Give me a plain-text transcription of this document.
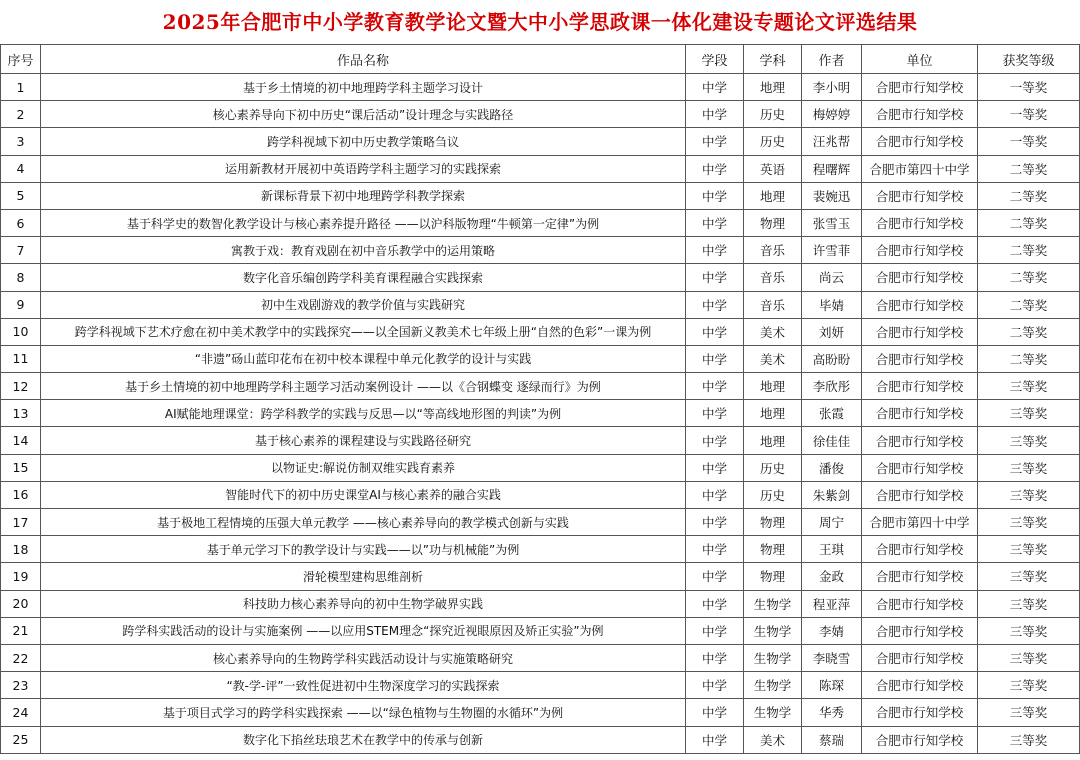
2025年合肥市中小学教育教学论文暨大中小学思政课一体化建设专题论文评选结果
序号	作品名称	学段	学科	作者	单位	获奖等级
1	基于乡土情境的初中地理跨学科主题学习设计	中学	地理	李小明	合肥市行知学校	一等奖
2	核心素养导向下初中历史“课后活动”设计理念与实践路径	中学	历史	梅婷婷	合肥市行知学校	一等奖
3	跨学科视域下初中历史教学策略刍议	中学	历史	汪兆帮	合肥市行知学校	一等奖
4	运用新教材开展初中英语跨学科主题学习的实践探索	中学	英语	程曙辉	合肥市第四十中学	二等奖
5	新课标背景下初中地理跨学科教学探索	中学	地理	裴婉迅	合肥市行知学校	二等奖
6	基于科学史的数智化教学设计与核心素养提升路径 ——以沪科版物理“牛顿第一定律”为例	中学	物理	张雪玉	合肥市行知学校	二等奖
7	寓教于戏：教育戏剧在初中音乐教学中的运用策略	中学	音乐	许雪菲	合肥市行知学校	二等奖
8	数字化音乐编创跨学科美育课程融合实践探索	中学	音乐	尚云	合肥市行知学校	二等奖
9	初中生戏剧游戏的教学价值与实践研究	中学	音乐	毕婧	合肥市行知学校	二等奖
10	跨学科视域下艺术疗愈在初中美术教学中的实践探究——以全国新义教美术七年级上册“自然的色彩”一课为例	中学	美术	刘妍	合肥市行知学校	二等奖
11	“非遗”砀山蓝印花布在初中校本课程中单元化教学的设计与实践	中学	美术	高盼盼	合肥市行知学校	二等奖
12	基于乡土情境的初中地理跨学科主题学习活动案例设计 ——以《合钢蝶变 逐绿而行》为例	中学	地理	李欣彤	合肥市行知学校	三等奖
13	AI赋能地理课堂：跨学科教学的实践与反思—以“等高线地形图的判读”为例	中学	地理	张霞	合肥市行知学校	三等奖
14	基于核心素养的课程建设与实践路径研究	中学	地理	徐佳佳	合肥市行知学校	三等奖
15	以物证史:解说仿制双维实践育素养	中学	历史	潘俊	合肥市行知学校	三等奖
16	智能时代下的初中历史课堂AI与核心素养的融合实践	中学	历史	朱紫剑	合肥市行知学校	三等奖
17	基于极地工程情境的压强大单元教学 ——核心素养导向的教学模式创新与实践	中学	物理	周宁	合肥市第四十中学	三等奖
18	基于单元学习下的教学设计与实践——以”功与机械能”为例	中学	物理	王琪	合肥市行知学校	三等奖
19	滑轮模型建构思维剖析	中学	物理	金政	合肥市行知学校	三等奖
20	科技助力核心素养导向的初中生物学破界实践	中学	生物学	程亚萍	合肥市行知学校	三等奖
21	跨学科实践活动的设计与实施案例 ——以应用STEM理念“探究近视眼原因及矫正实验”为例	中学	生物学	李婧	合肥市行知学校	三等奖
22	核心素养导向的生物跨学科实践活动设计与实施策略研究	中学	生物学	李晓雪	合肥市行知学校	三等奖
23	“教-学-评”一致性促进初中生物深度学习的实践探索	中学	生物学	陈琛	合肥市行知学校	三等奖
24	基于项目式学习的跨学科实践探索 ——以“绿色植物与生物圈的水循环”为例	中学	生物学	华秀	合肥市行知学校	三等奖
25	数字化下掐丝珐琅艺术在教学中的传承与创新	中学	美术	蔡瑞	合肥市行知学校	三等奖
